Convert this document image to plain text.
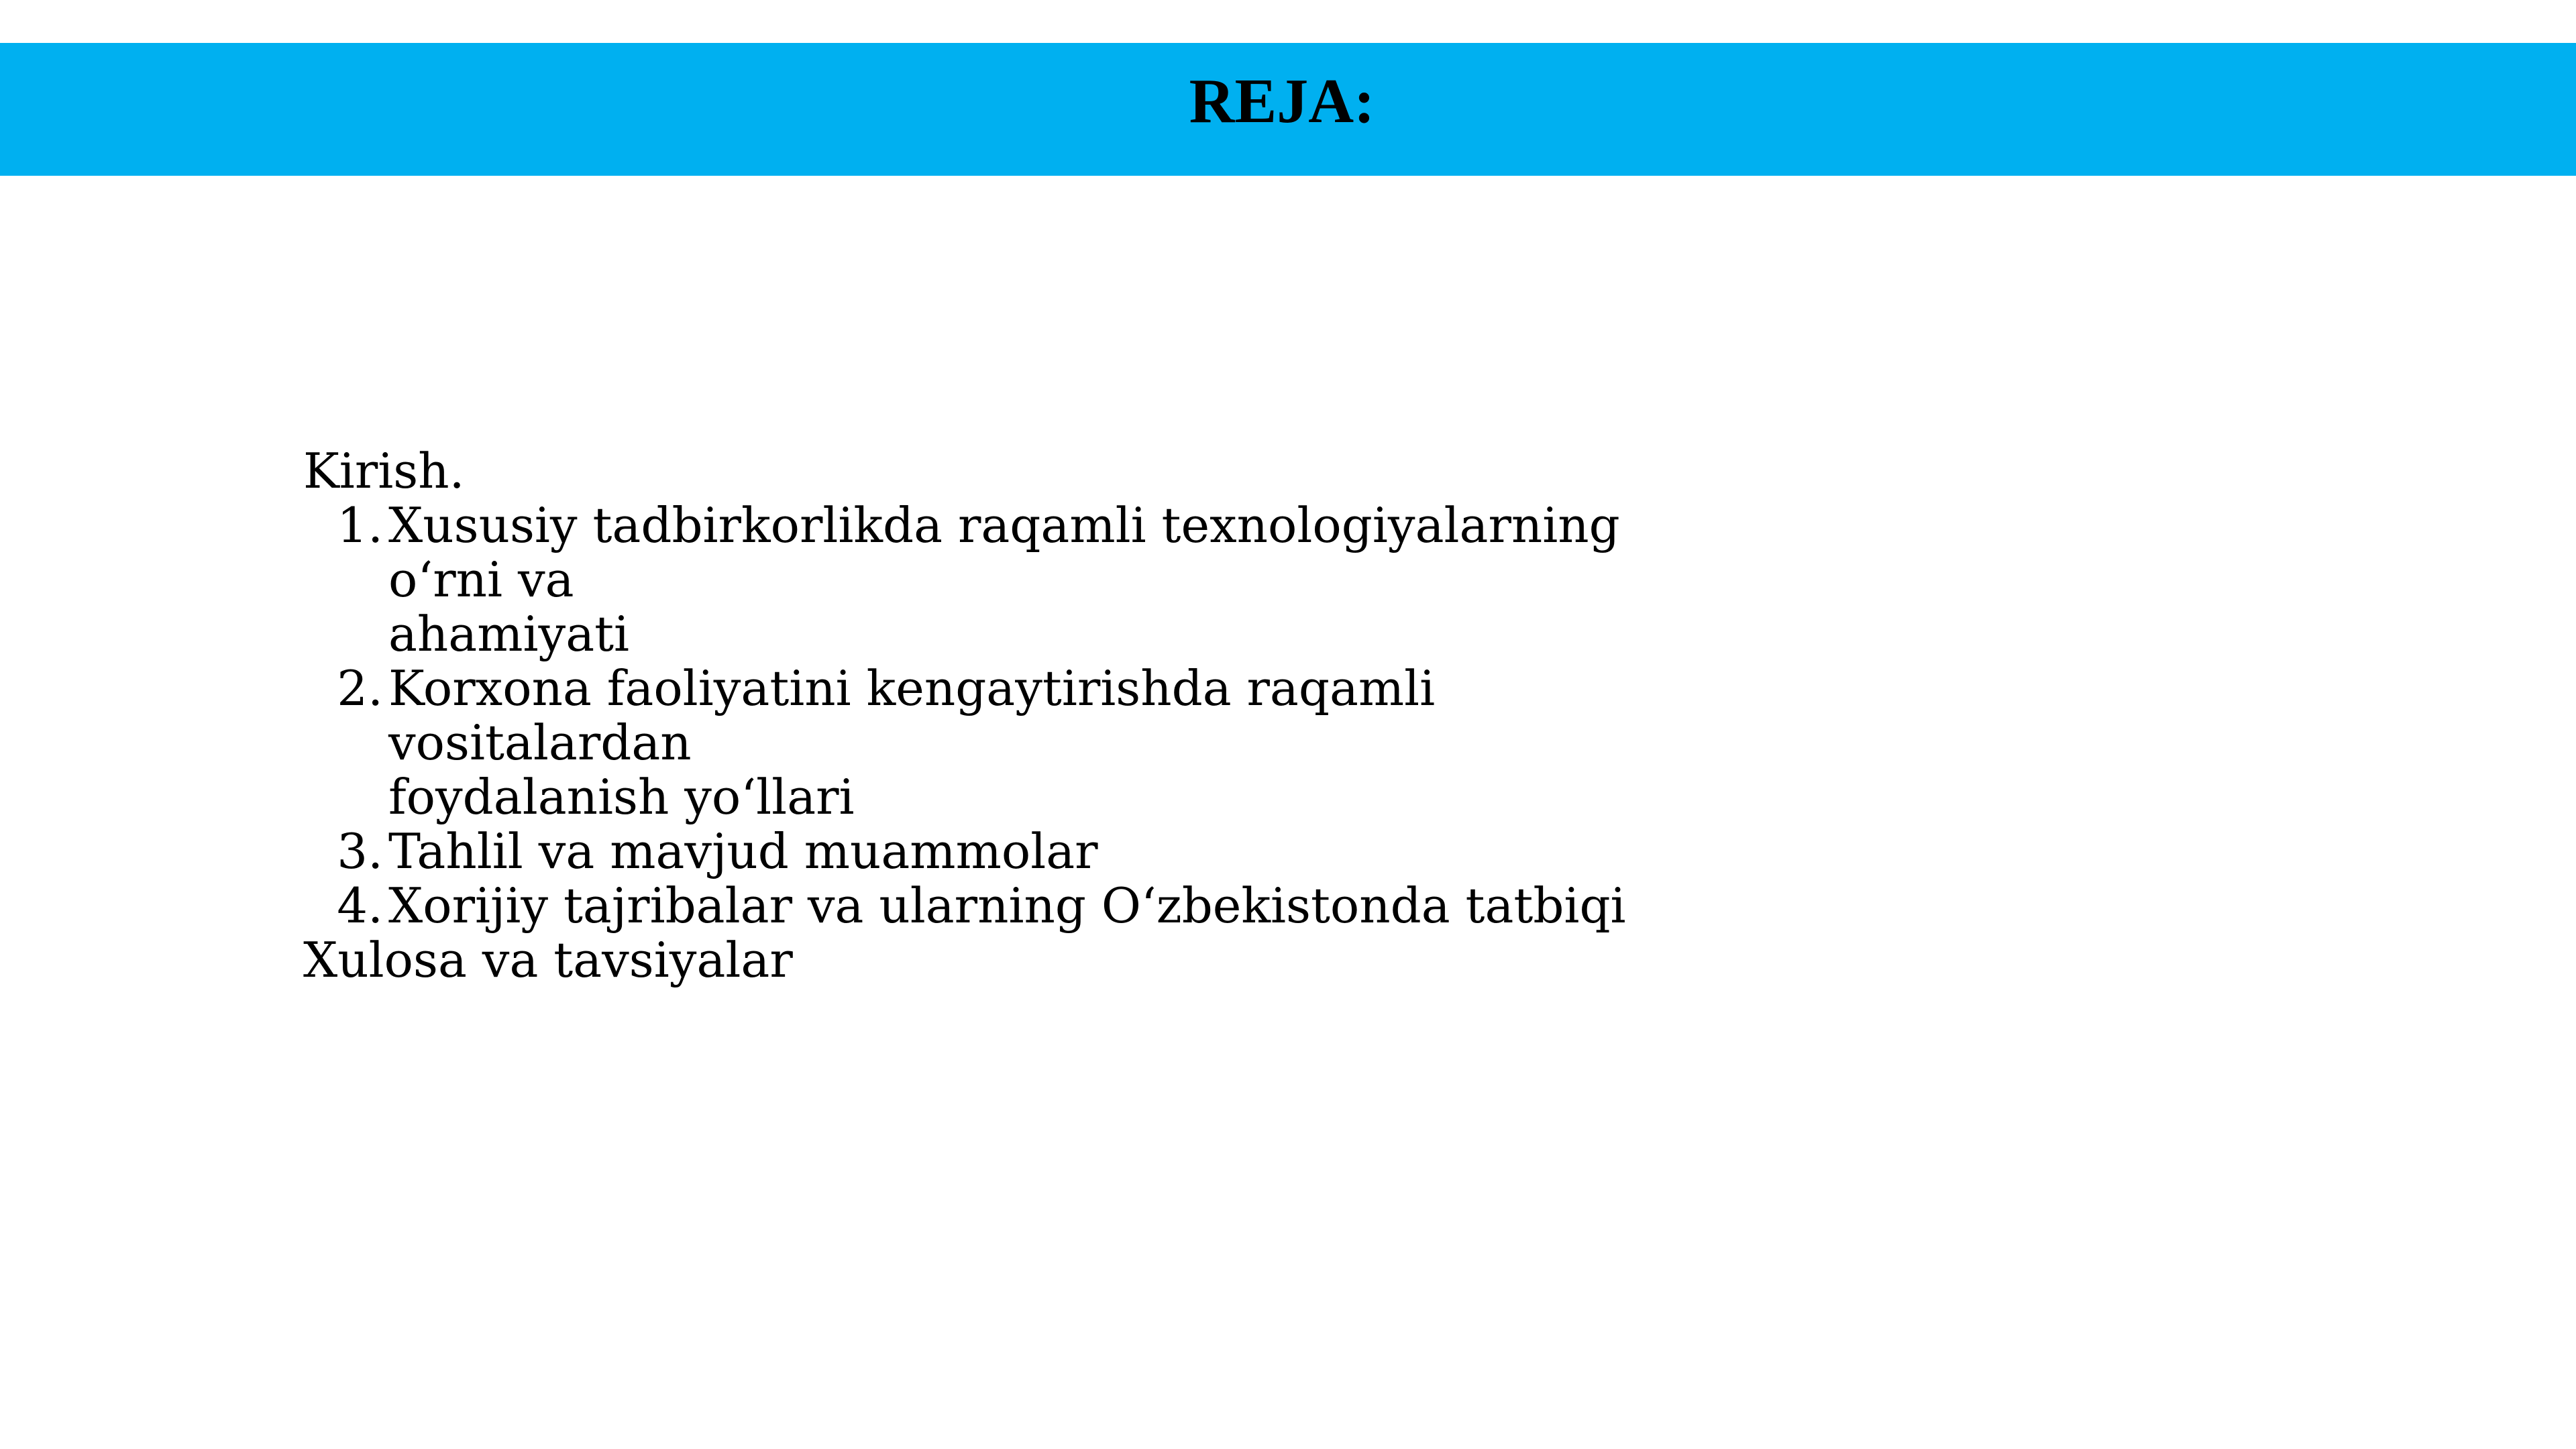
REJA:

Kirish.

1. Xususiy tadbirkorlikda raqamli texnologiyalarning o‘rni va
ahamiyati
2. Korxona faoliyatini kengaytirishda raqamli vositalardan
foydalanish yo‘llari
3. Tahlil va mavjud muammolar
4. Xorijiy tajribalar va ularning O‘zbekistonda tatbiqi

Xulosa va tavsiyalar
